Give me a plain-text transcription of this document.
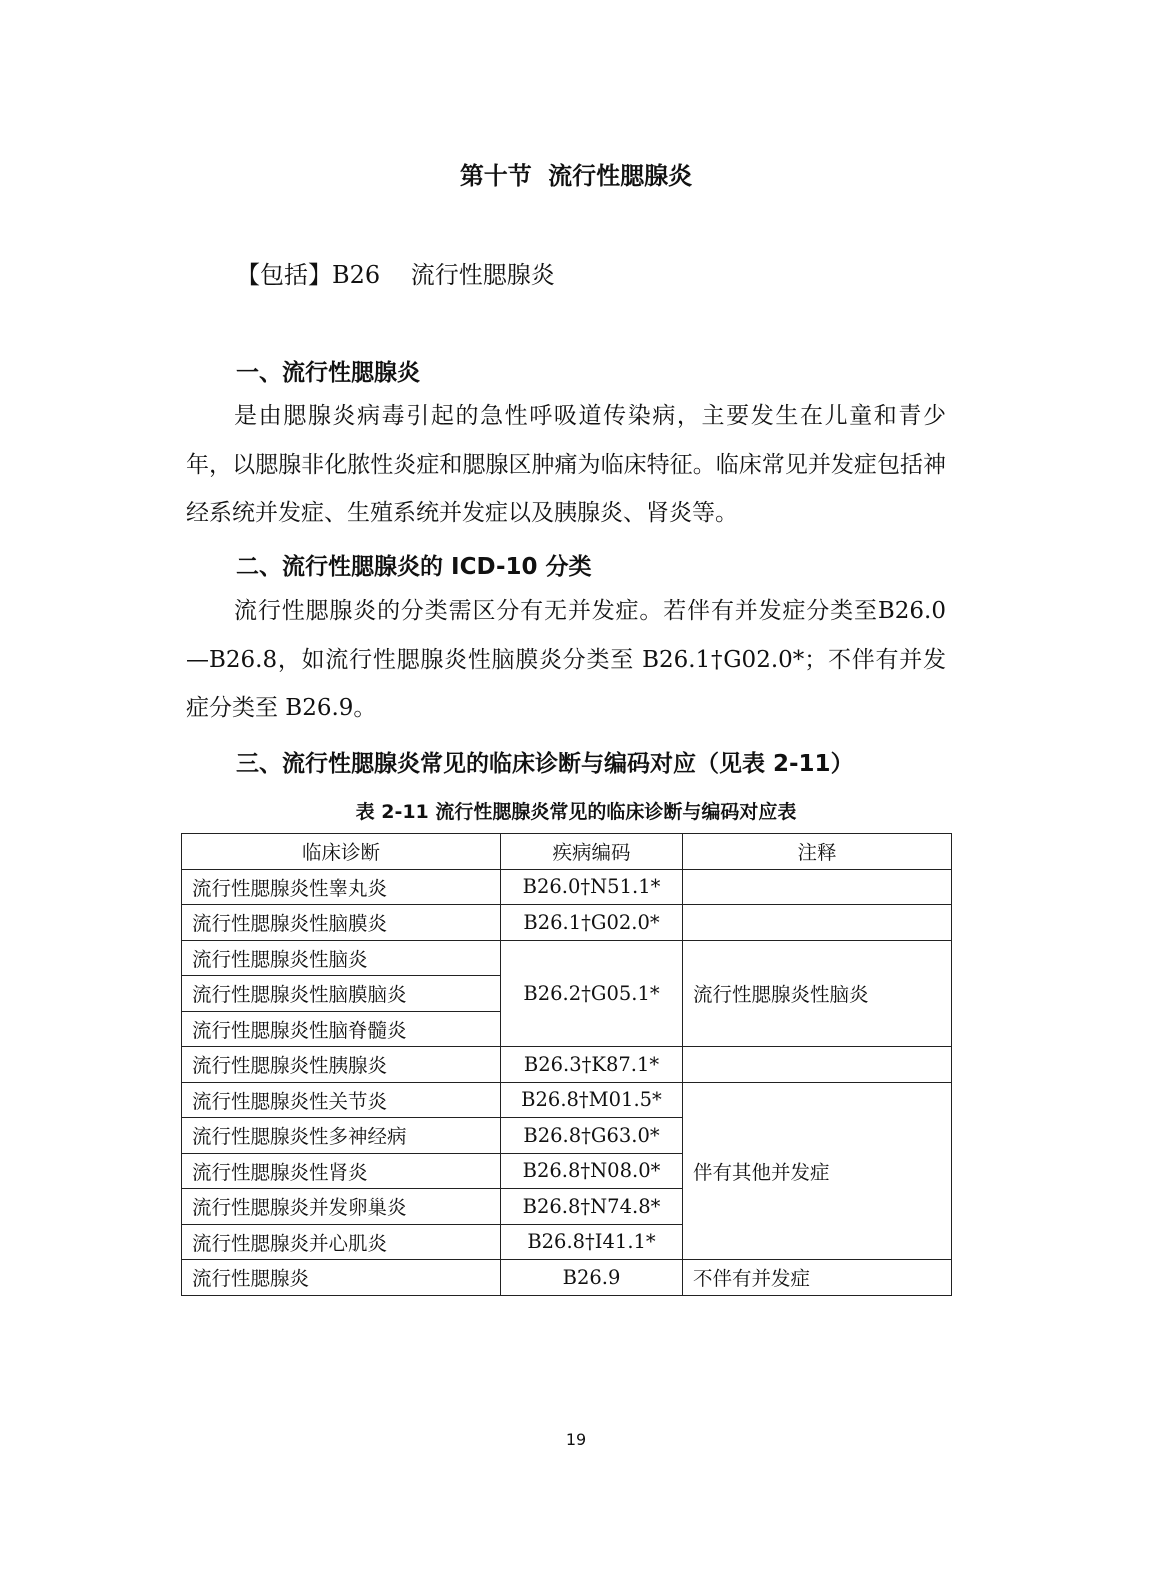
第十节 流行性腮腺炎
【包括】B26    流行性腮腺炎
一、流行性腮腺炎

是由腮腺炎病毒引起的急性呼吸道传染病，主要发生在儿童和青少年，以腮腺非化脓性炎症和腮腺区肿痛为临床特征。临床常见并发症包括神经系统并发症、生殖系统并发症以及胰腺炎、肾炎等。

二、流行性腮腺炎的 ICD-10 分类

流行性腮腺炎的分类需区分有无并发症。若伴有并发症分类至B26.0—B26.8，如流行性腮腺炎性脑膜炎分类至 B26.1†G02.0*；不伴有并发症分类至 B26.9。

三、流行性腮腺炎常见的临床诊断与编码对应（见表 2-11）
表 2-11 流行性腮腺炎常见的临床诊断与编码对应表
临床诊断	疾病编码	注释
流行性腮腺炎性睾丸炎	B26.0†N51.1*	
流行性腮腺炎性脑膜炎	B26.1†G02.0*	
流行性腮腺炎性脑炎	B26.2†G05.1*	流行性腮腺炎性脑炎
流行性腮腺炎性脑膜脑炎		
流行性腮腺炎性脑脊髓炎		
流行性腮腺炎性胰腺炎	B26.3†K87.1*	
流行性腮腺炎性关节炎	B26.8†M01.5*	伴有其他并发症
流行性腮腺炎性多神经病	B26.8†G63.0*	
流行性腮腺炎性肾炎	B26.8†N08.0*	
流行性腮腺炎并发卵巢炎	B26.8†N74.8*	
流行性腮腺炎并心肌炎	B26.8†I41.1*	
流行性腮腺炎	B26.9	不伴有并发症
19
